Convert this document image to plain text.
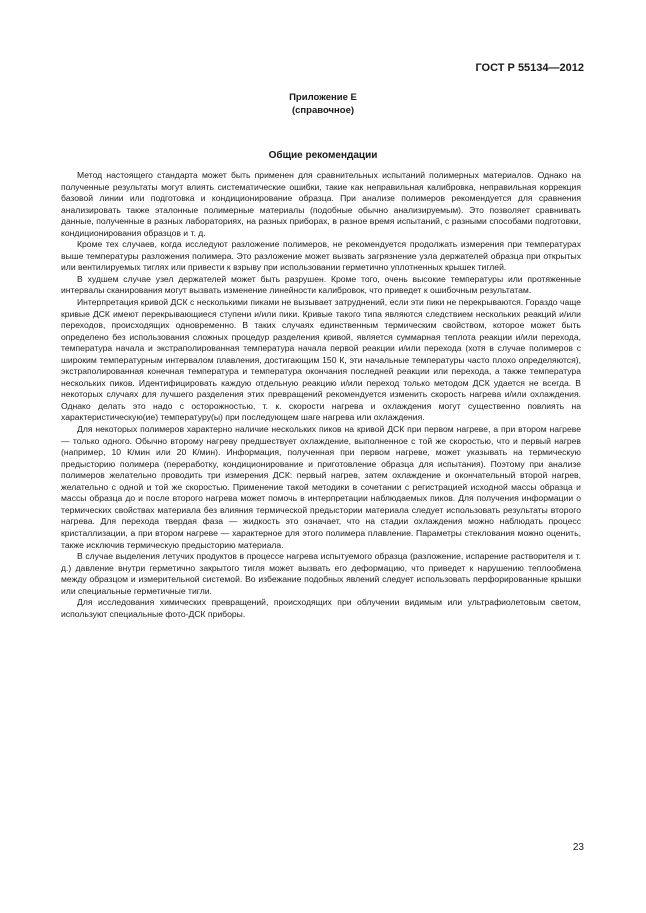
ГОСТ Р 55134—2012
Приложение Е
(справочное)
Общие рекомендации

Метод настоящего стандарта может быть применен для сравнительных испытаний полимерных материалов. Однако на полученные результаты могут влиять систематические ошибки, такие как неправильная калибровка, неправильная коррекция базовой линии или подготовка и кондиционирование образца. При анализе полимеров рекомендуется для сравнения анализировать также эталонные полимерные материалы (подобные обычно анализируемым). Это позволяет сравнивать данные, полученные в разных лабораториях, на разных приборах, в разное время испытаний, с разными способами подготовки, кондиционирования образцов и т. д.

Кроме тех случаев, когда исследуют разложение полимеров, не рекомендуется продолжать измерения при температурах выше температуры разложения полимера. Это разложение может вызвать загрязнение узла держателей образца при открытых или вентилируемых тиглях или привести к взрыву при использовании герметично уплотненных крышек тиглей.

В худшем случае узел держателей может быть разрушен. Кроме того, очень высокие температуры или протяженные интервалы сканирования могут вызвать изменение линейности калибровок, что приведет к ошибочным результатам.

Интерпретация кривой ДСК с несколькими пиками не вызывает затруднений, если эти пики не перекрываются. Гораздо чаще кривые ДСК имеют перекрывающиеся ступени и/или пики. Кривые такого типа являются следствием нескольких реакций и/или переходов, происходящих одновременно. В таких случаях единственным термическим свойством, которое может быть определено без использования сложных процедур разделения кривой, является суммарная теплота реакции и/или перехода, температура начала и экстраполированная температура начала первой реакции и/или перехода (хотя в случае полимеров с широким температурным интервалом плавления, достигающим 150 К, эти начальные температуры часто плохо определяются), экстраполированная конечная температура и температура окончания последней реакции или перехода, а также температура нескольких пиков. Идентифицировать каждую отдельную реакцию и/или переход только методом ДСК удается не всегда. В некоторых случаях для лучшего разделения этих превращений рекомендуется изменить скорость нагрева и/или охлаждения. Однако делать это надо с осторожностью, т. к. скорости нагрева и охлаждения могут существенно повлиять на характеристическую(ие) температуру(ы) при последующем шаге нагрева или охлаждения.

Для некоторых полимеров характерно наличие нескольких пиков на кривой ДСК при первом нагреве, а при втором нагреве — только одного. Обычно второму нагреву предшествует охлаждение, выполненное с той же скоростью, что и первый нагрев (например, 10 К/мин или 20 К/мин). Информация, полученная при первом нагреве, может указывать на термическую предысторию полимера (переработку, кондиционирование и приготовление образца для испытания). Поэтому при анализе полимеров желательно проводить три измерения ДСК: первый нагрев, затем охлаждение и окончательный второй нагрев, желательно с одной и той же скоростью. Применение такой методики в сочетании с регистрацией исходной массы образца и массы образца до и после второго нагрева может помочь в интерпретации наблюдаемых пиков. Для получения информации о термических свойствах материала без влияния термической предыстории материала следует использовать результаты второго нагрева. Для перехода твердая фаза — жидкость это означает, что на стадии охлаждения можно наблюдать процесс кристаллизации, а при втором нагреве — характерное для этого полимера плавление. Параметры стеклования можно оценить, также исключив термическую предысторию материала.

В случае выделения летучих продуктов в процессе нагрева испытуемого образца (разложение, испарение растворителя и т. д.) давление внутри герметично закрытого тигля может вызвать его деформацию, что приведет к нарушению теплообмена между образцом и измерительной системой. Во избежание подобных явлений следует использовать перфорированные крышки или специальные герметичные тигли.

Для исследования химических превращений, происходящих при облучении видимым или ультрафиолетовым светом, используют специальные фото-ДСК приборы.

23
